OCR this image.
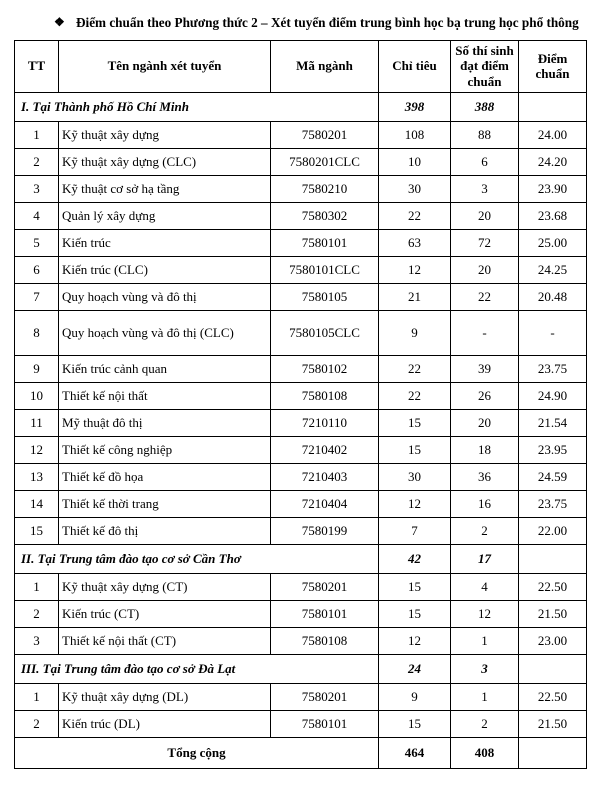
❖ Điểm chuẩn theo Phương thức 2 – Xét tuyển điểm trung bình học bạ trung học phổ thông
TT	Tên ngành xét tuyển	Mã ngành	Chỉ tiêu	Số thí sinh đạt điểm chuẩn	Điểm chuẩn
I. Tại Thành phố Hồ Chí Minh			398	388	
1	Kỹ thuật xây dựng	7580201	108	88	24.00
2	Kỹ thuật xây dựng (CLC)	7580201CLC	10	6	24.20
3	Kỹ thuật cơ sở hạ tầng	7580210	30	3	23.90
4	Quản lý xây dựng	7580302	22	20	23.68
5	Kiến trúc	7580101	63	72	25.00
6	Kiến trúc (CLC)	7580101CLC	12	20	24.25
7	Quy hoạch vùng và đô thị	7580105	21	22	20.48
8	Quy hoạch vùng và đô thị (CLC)	7580105CLC	9	-	-
9	Kiến trúc cảnh quan	7580102	22	39	23.75
10	Thiết kế nội thất	7580108	22	26	24.90
11	Mỹ thuật đô thị	7210110	15	20	21.54
12	Thiết kế công nghiệp	7210402	15	18	23.95
13	Thiết kế đồ họa	7210403	30	36	24.59
14	Thiết kế thời trang	7210404	12	16	23.75
15	Thiết kế đô thị	7580199	7	2	22.00
II. Tại Trung tâm đào tạo cơ sở Cần Thơ			42	17	
1	Kỹ thuật xây dựng (CT)	7580201	15	4	22.50
2	Kiến trúc (CT)	7580101	15	12	21.50
3	Thiết kế nội thất (CT)	7580108	12	1	23.00
III. Tại Trung tâm đào tạo cơ sở Đà Lạt			24	3	
1	Kỹ thuật xây dựng (DL)	7580201	9	1	22.50
2	Kiến trúc (DL)	7580101	15	2	21.50
Tổng cộng			464	408	
